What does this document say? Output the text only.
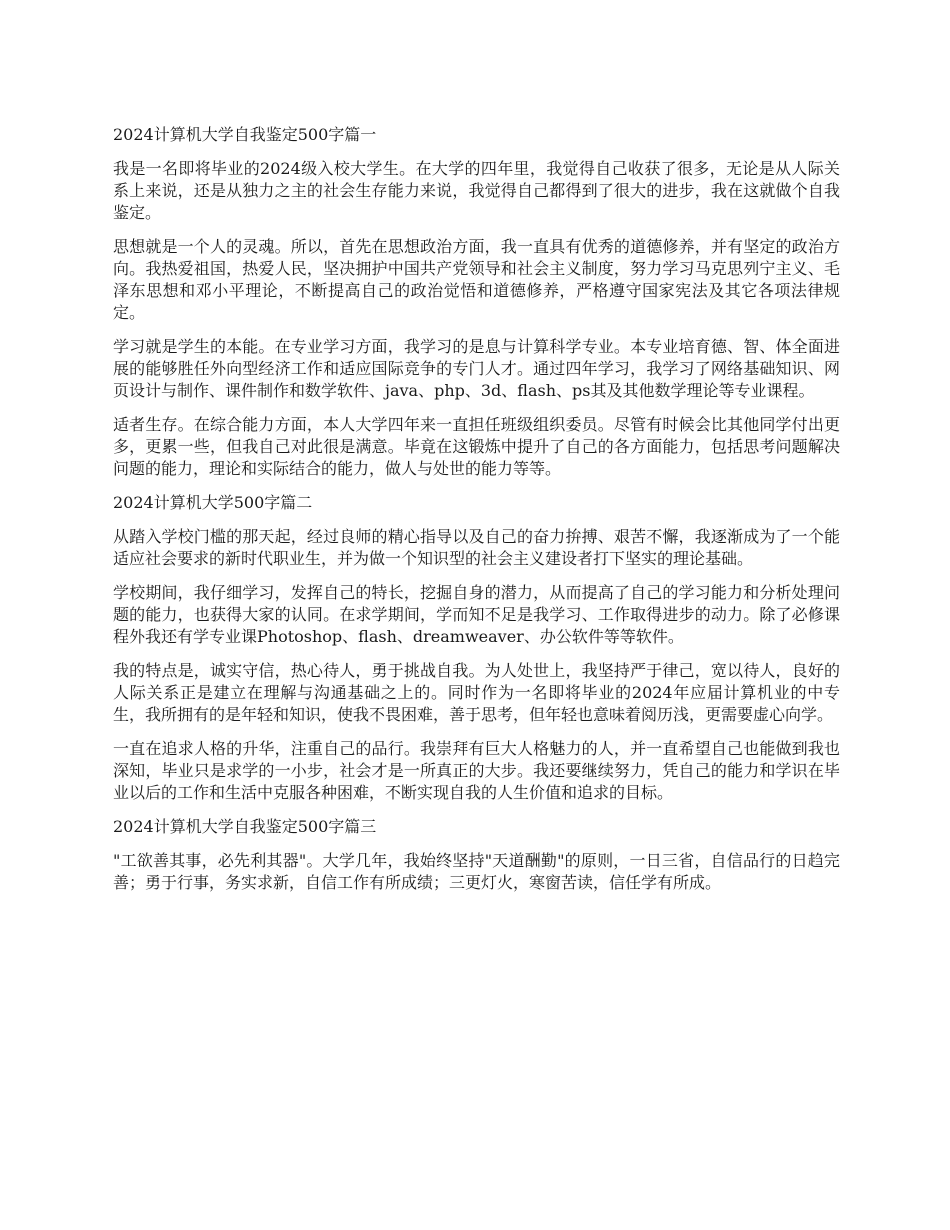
2024计算机大学自我鉴定500字篇一
我是一名即将毕业的2024级入校大学生。在大学的四年里，我觉得自己收获了很多，无论是从人际关系上来说，还是从独力之主的社会生存能力来说，我觉得自己都得到了很大的进步，我在这就做个自我鉴定。
思想就是一个人的灵魂。所以，首先在思想政治方面，我一直具有优秀的道德修养，并有坚定的政治方向。我热爱祖国，热爱人民，坚决拥护中国共产党领导和社会主义制度，努力学习马克思列宁主义、毛泽东思想和邓小平理论，不断提高自己的政治觉悟和道德修养，严格遵守国家宪法及其它各项法律规定。
学习就是学生的本能。在专业学习方面，我学习的是息与计算科学专业。本专业培育德、智、体全面进展的能够胜任外向型经济工作和适应国际竞争的专门人才。通过四年学习，我学习了网络基础知识、网页设计与制作、课件制作和数学软件、java、php、3d、flash、ps其及其他数学理论等专业课程。
适者生存。在综合能力方面，本人大学四年来一直担任班级组织委员。尽管有时候会比其他同学付出更多，更累一些，但我自己对此很是满意。毕竟在这锻炼中提升了自己的各方面能力，包括思考问题解决问题的能力，理论和实际结合的能力，做人与处世的能力等等。
2024计算机大学500字篇二
从踏入学校门槛的那天起，经过良师的精心指导以及自己的奋力拚搏、艰苦不懈，我逐渐成为了一个能适应社会要求的新时代职业生，并为做一个知识型的社会主义建设者打下坚实的理论基础。
学校期间，我仔细学习，发挥自己的特长，挖掘自身的潜力，从而提高了自己的学习能力和分析处理问题的能力，也获得大家的认同。在求学期间，学而知不足是我学习、工作取得进步的动力。除了必修课程外我还有学专业课Photoshop、flash、dreamweaver、办公软件等等软件。
我的特点是，诚实守信，热心待人，勇于挑战自我。为人处世上，我坚持严于律己，宽以待人，良好的人际关系正是建立在理解与沟通基础之上的。同时作为一名即将毕业的2024年应届计算机业的中专生，我所拥有的是年轻和知识，使我不畏困难，善于思考，但年轻也意味着阅历浅，更需要虚心向学。
一直在追求人格的升华，注重自己的品行。我崇拜有巨大人格魅力的人，并一直希望自己也能做到我也深知，毕业只是求学的一小步，社会才是一所真正的大步。我还要继续努力，凭自己的能力和学识在毕业以后的工作和生活中克服各种困难，不断实现自我的人生价值和追求的目标。
2024计算机大学自我鉴定500字篇三
"工欲善其事，必先利其器"。大学几年，我始终坚持"天道酬勤"的原则，一日三省，自信品行的日趋完善；勇于行事，务实求新，自信工作有所成绩；三更灯火，寒窗苦读，信任学有所成。
